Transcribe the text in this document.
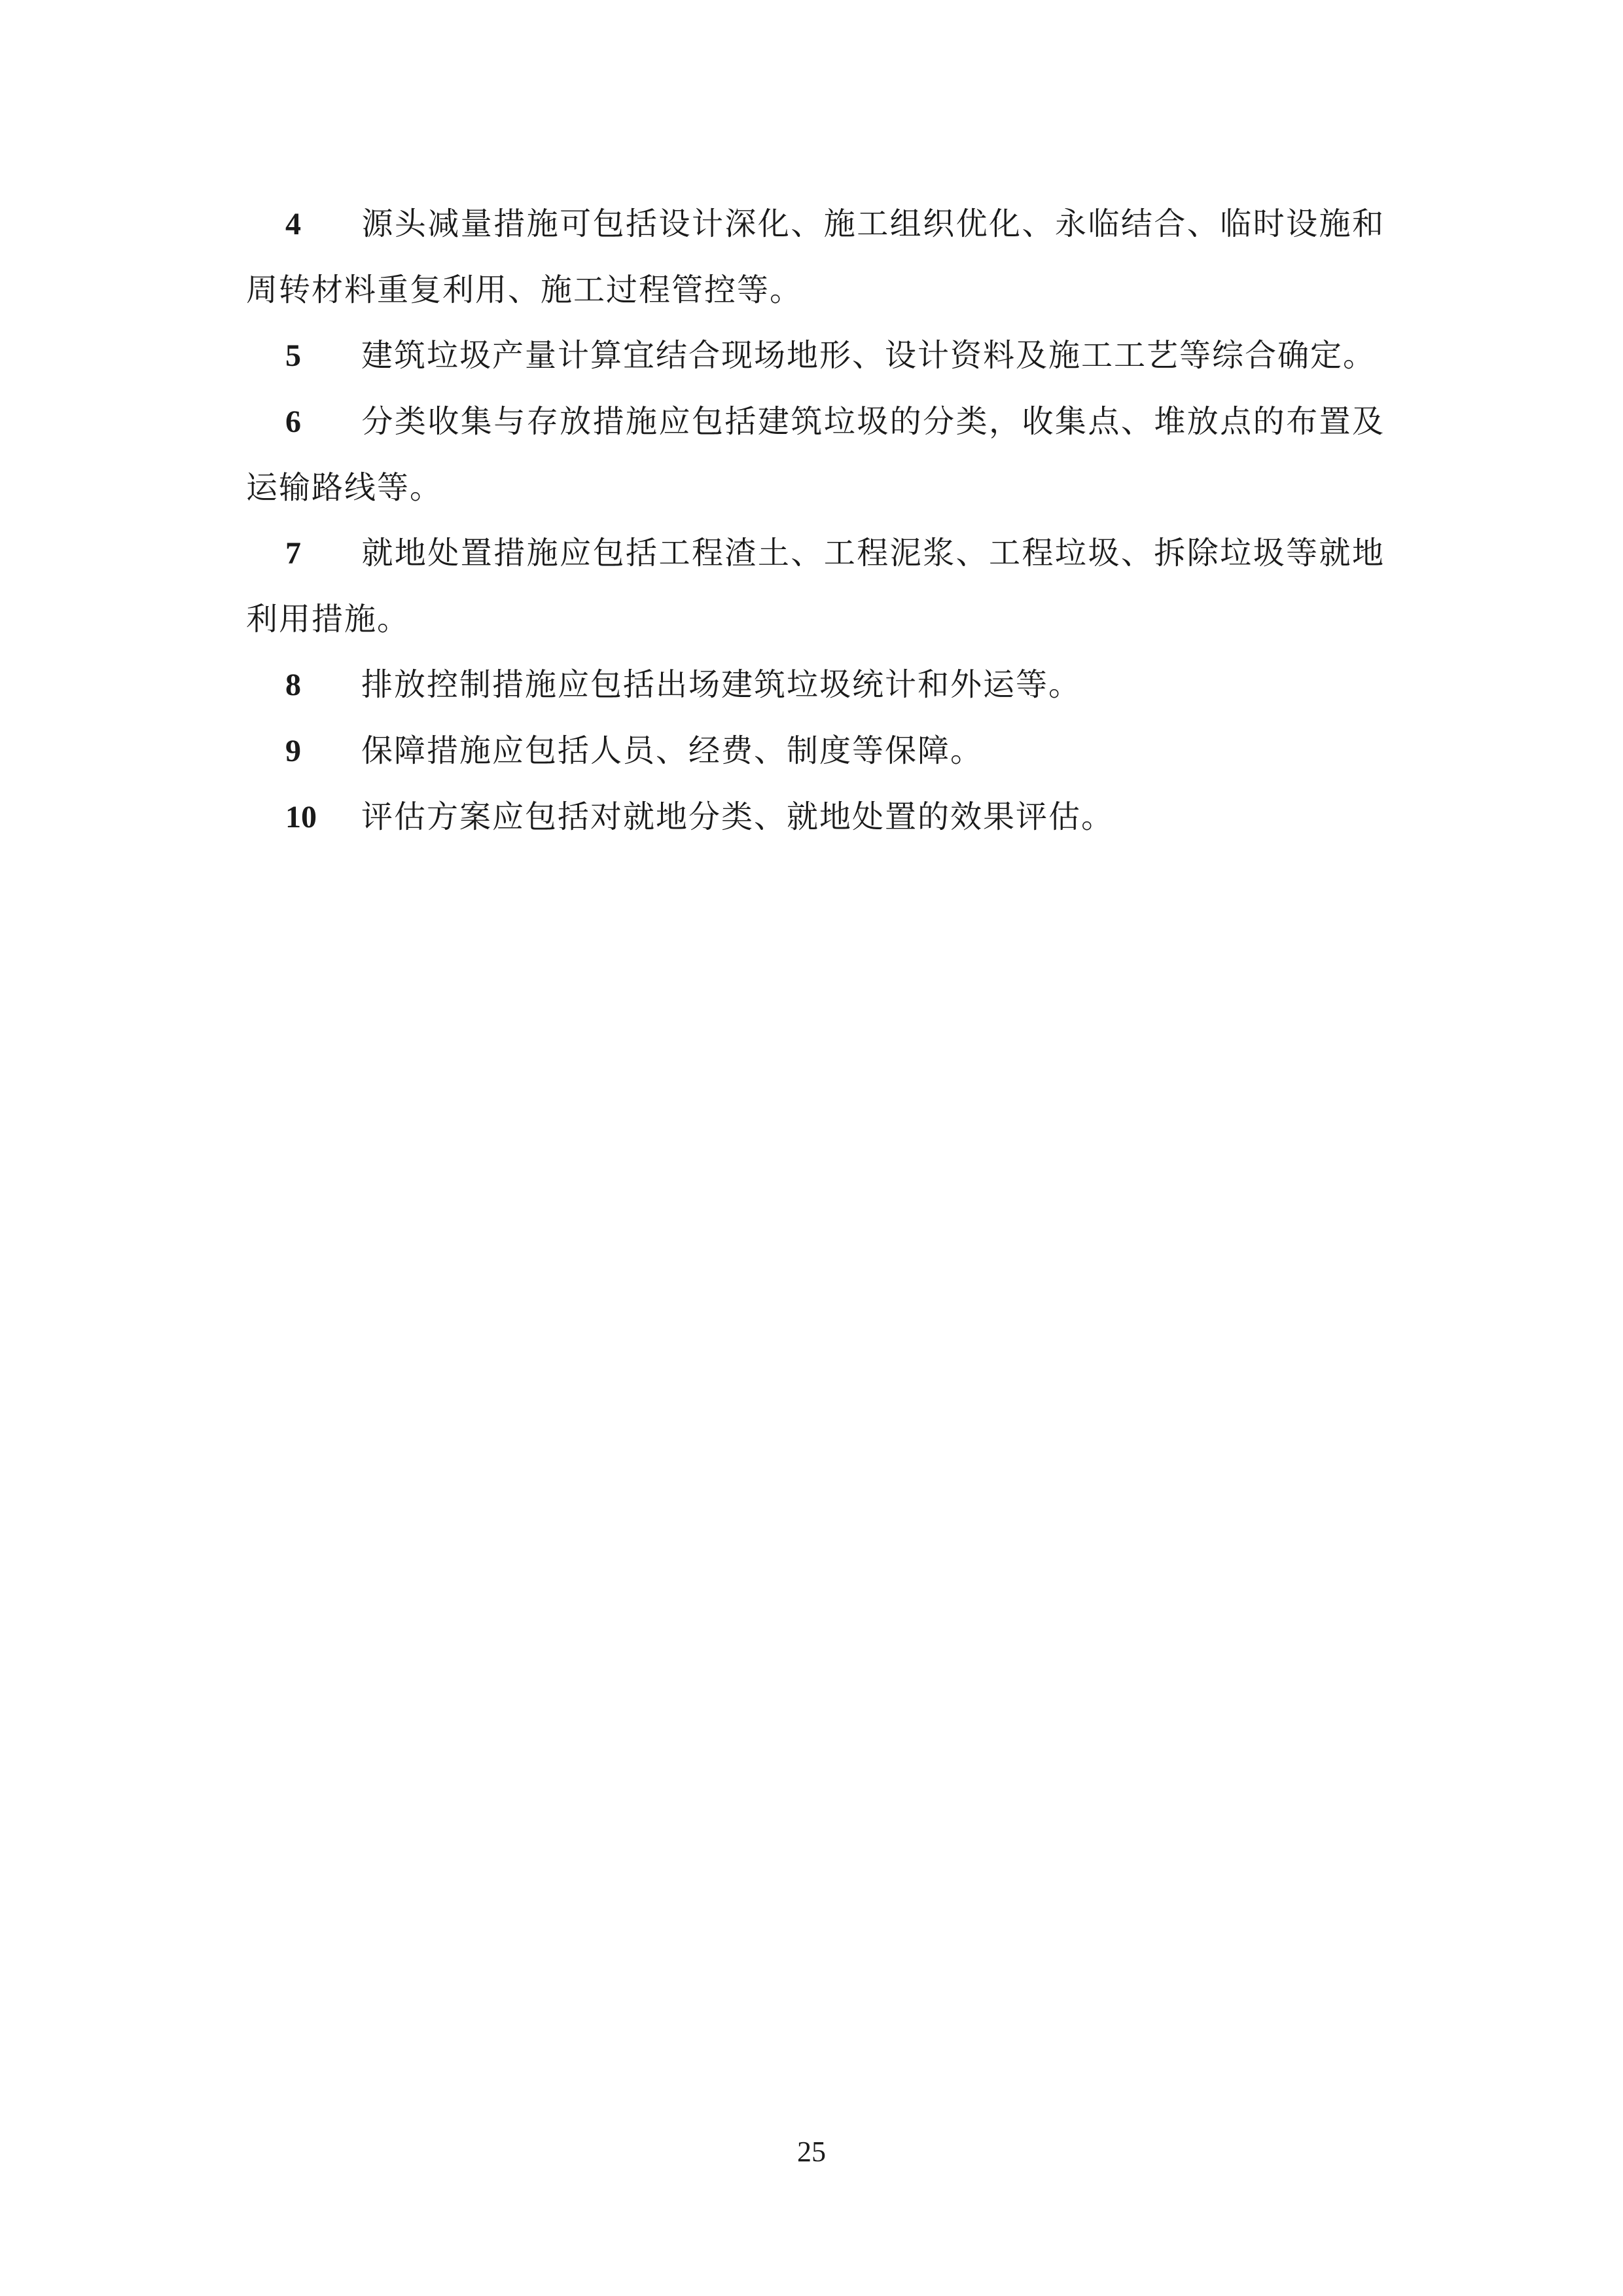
4 源头减量措施可包括设计深化、施工组织优化、永临结合、临时设施和周转材料重复利用、施工过程管控等。

5 建筑垃圾产量计算宜结合现场地形、设计资料及施工工艺等综合确定。

6 分类收集与存放措施应包括建筑垃圾的分类，收集点、堆放点的布置及运输路线等。

7 就地处置措施应包括工程渣土、工程泥浆、工程垃圾、拆除垃圾等就地利用措施。

8 排放控制措施应包括出场建筑垃圾统计和外运等。

9 保障措施应包括人员、经费、制度等保障。

10 评估方案应包括对就地分类、就地处置的效果评估。

25
